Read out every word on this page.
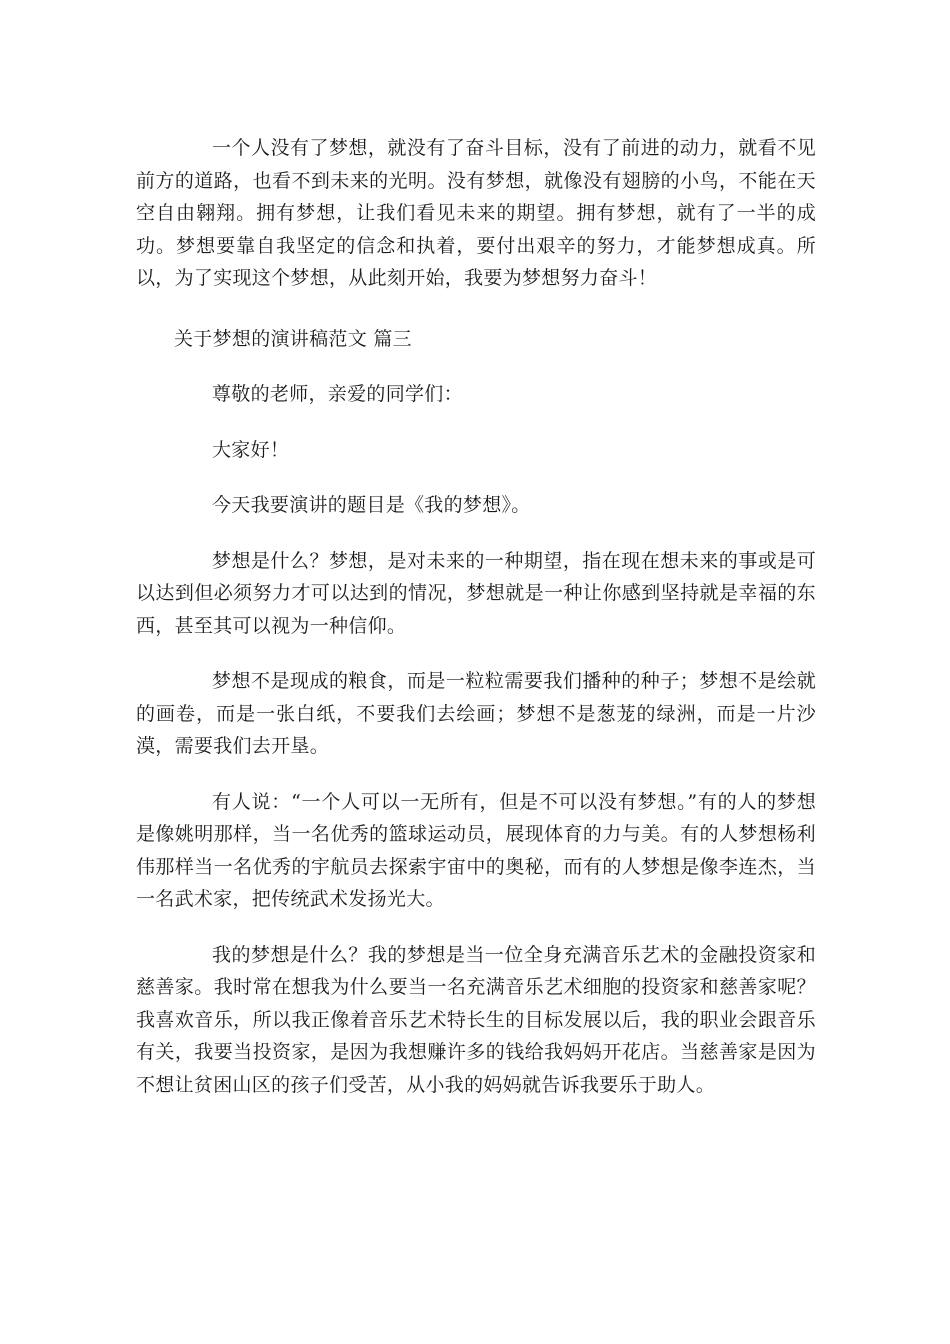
一个人没有了梦想，就没有了奋斗目标，没有了前进的动力，就看不见前方的道路，也看不到未来的光明。没有梦想，就像没有翅膀的小鸟，不能在天空自由翱翔。拥有梦想，让我们看见未来的期望。拥有梦想，就有了一半的成功。梦想要靠自我坚定的信念和执着，要付出艰辛的努力，才能梦想成真。所以，为了实现这个梦想，从此刻开始，我要为梦想努力奋斗！

关于梦想的演讲稿范文 篇三

尊敬的老师，亲爱的同学们：

大家好！

今天我要演讲的题目是《我的梦想》。

梦想是什么？梦想，是对未来的一种期望，指在现在想未来的事或是可以达到但必须努力才可以达到的情况，梦想就是一种让你感到坚持就是幸福的东西，甚至其可以视为一种信仰。

梦想不是现成的粮食，而是一粒粒需要我们播种的种子；梦想不是绘就的画卷，而是一张白纸，不要我们去绘画；梦想不是葱茏的绿洲，而是一片沙漠，需要我们去开垦。

有人说：“一个人可以一无所有，但是不可以没有梦想。”有的人的梦想是像姚明那样，当一名优秀的篮球运动员，展现体育的力与美。有的人梦想杨利伟那样当一名优秀的宇航员去探索宇宙中的奥秘，而有的人梦想是像李连杰，当一名武术家，把传统武术发扬光大。

我的梦想是什么？我的梦想是当一位全身充满音乐艺术的金融投资家和慈善家。我时常在想我为什么要当一名充满音乐艺术细胞的投资家和慈善家呢？我喜欢音乐，所以我正像着音乐艺术特长生的目标发展以后，我的职业会跟音乐有关，我要当投资家，是因为我想赚许多的钱给我妈妈开花店。当慈善家是因为不想让贫困山区的孩子们受苦，从小我的妈妈就告诉我要乐于助人。
